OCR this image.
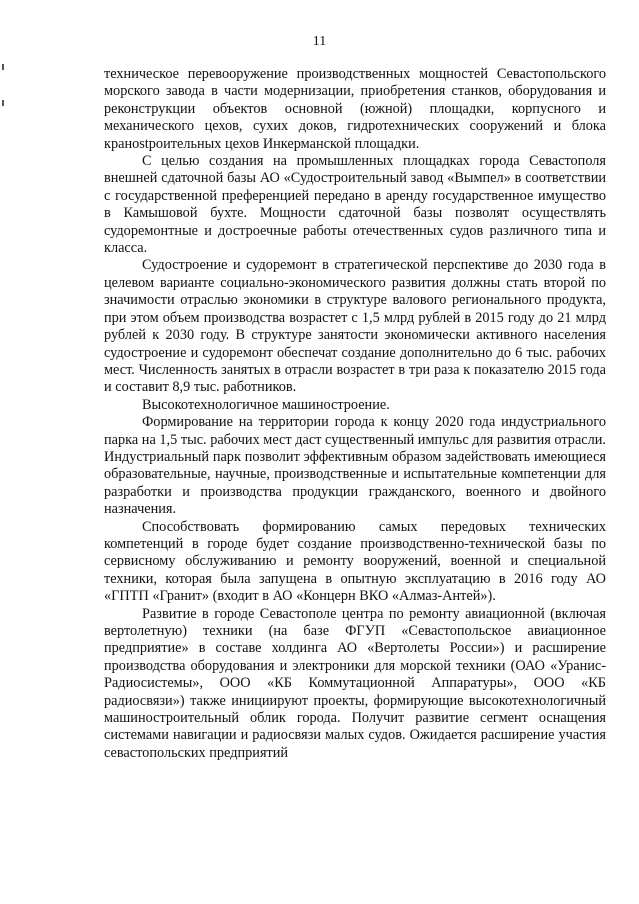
11

техническое перевооружение производственных мощностей Севастопольского морского завода в части модернизации, приобретения станков, оборудования и реконструкции объектов основной (южной) площадки, корпусного и механического цехов, сухих доков, гидротехнических сооружений и блока кранostроительных цехов Инкерманской площадки.

С целью создания на промышленных площадках города Севастополя внешней сдаточной базы АО «Судостроительный завод «Вымпел» в соответствии с государственной преференцией передано в аренду государственное имущество в Камышовой бухте. Мощности сдаточной базы позволят осуществлять судоремонтные и достроечные работы отечественных судов различного типа и класса.

Судостроение и судоремонт в стратегической перспективе до 2030 года в целевом варианте социально-экономического развития должны стать второй по значимости отраслью экономики в структуре валового регионального продукта, при этом объем производства возрастет с 1,5 млрд рублей в 2015 году до 21 млрд рублей к 2030 году. В структуре занятости экономически активного населения судостроение и судоремонт обеспечат создание дополнительно до 6 тыс. рабочих мест. Численность занятых в отрасли возрастет в три раза к показателю 2015 года и составит 8,9 тыс. работников.

Высокотехнологичное машиностроение.

Формирование на территории города к концу 2020 года индустриального парка на 1,5 тыс. рабочих мест даст существенный импульс для развития отрасли. Индустриальный парк позволит эффективным образом задействовать имеющиеся образовательные, научные, производственные и испытательные компетенции для разработки и производства продукции гражданского, военного и двойного назначения.

Способствовать формированию самых передовых технических компетенций в городе будет создание производственно-технической базы по сервисному обслуживанию и ремонту вооружений, военной и специальной техники, которая была запущена в опытную эксплуатацию в 2016 году АО «ГПТП «Гранит» (входит в АО «Концерн ВКО «Алмаз-Антей»).

Развитие в городе Севастополе центра по ремонту авиационной (включая вертолетную) техники (на базе ФГУП «Севастопольское авиационное предприятие» в составе холдинга АО «Вертолеты России») и расширение производства оборудования и электроники для морской техники (ОАО «Уранис-Радиосистемы», ООО «КБ Коммутационной Аппаратуры», ООО «КБ радиосвязи») также инициируют проекты, формирующие высокотехнологичный машиностроительный облик города. Получит развитие сегмент оснащения системами навигации и радиосвязи малых судов. Ожидается расширение участия севастопольских предприятий
